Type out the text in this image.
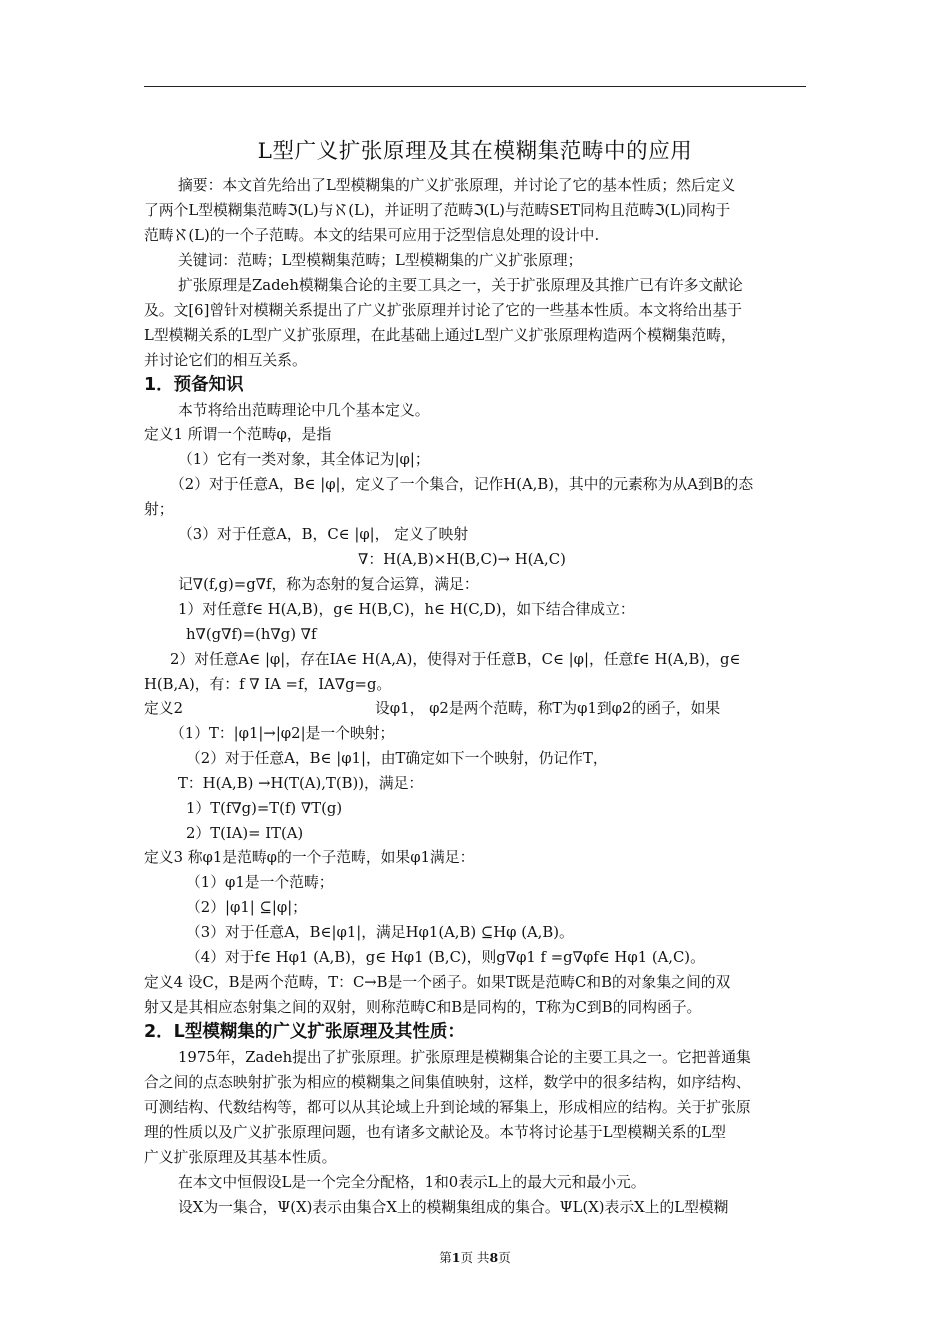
L型广义扩张原理及其在模糊集范畴中的应用
摘要：本文首先给出了L型模糊集的广义扩张原理，并讨论了它的基本性质；然后定义
了两个L型模糊集范畴ℑ(L)与ℵ(L)，并证明了范畴ℑ(L)与范畴SET同构且范畴ℑ(L)同构于
范畴ℵ(L)的一个子范畴。本文的结果可应用于泛型信息处理的设计中.
关键词：范畴；L型模糊集范畴；L型模糊集的广义扩张原理；
扩张原理是Zadeh模糊集合论的主要工具之一，关于扩张原理及其推广已有许多文献论
及。文[6]曾针对模糊关系提出了广义扩张原理并讨论了它的一些基本性质。本文将给出基于
L型模糊关系的L型广义扩张原理，在此基础上通过L型广义扩张原理构造两个模糊集范畴，
并讨论它们的相互关系。
1．预备知识
本节将给出范畴理论中几个基本定义。
定义1 所谓一个范畴φ，是指
（1）它有一类对象，其全体记为|φ|；
（2）对于任意A，B∈ |φ|，定义了一个集合，记作H(A,B)，其中的元素称为从A到B的态
射；
（3）对于任意A，B，C∈ |φ|， 定义了映射
∇：H(A,B)×H(B,C)→ H(A,C)
记∇(f,g)=g∇f，称为态射的复合运算，满足：
1）对任意f∈ H(A,B)，g∈ H(B,C)，h∈ H(C,D)，如下结合律成立：
h∇(g∇f)=(h∇g) ∇f
2）对任意A∈ |φ|，存在IA∈ H(A,A)，使得对于任意B，C∈ |φ|，任意f∈ H(A,B)，g∈
H(B,A)，有：f ∇ IA =f，IA∇g=g。
定义2	设φ1， φ2是两个范畴，称T为φ1到φ2的函子，如果
（1）T：|φ1|→|φ2|是一个映射；
（2）对于任意A，B∈ |φ1|，由T确定如下一个映射，仍记作T，
T：H(A,B) →H(T(A),T(B))，满足：
1）T(f∇g)=T(f) ∇T(g)
2）T(IA)= IT(A)
定义3 称φ1是范畴φ的一个子范畴，如果φ1满足：
（1）φ1是一个范畴；
（2）|φ1| ⊆|φ|；
（3）对于任意A，B∈|φ1|，满足Hφ1(A,B) ⊆Hφ (A,B)。
（4）对于f∈ Hφ1 (A,B)，g∈ Hφ1 (B,C)，则g∇φ1 f =g∇φf∈ Hφ1 (A,C)。
定义4 设C，B是两个范畴，T：C→B是一个函子。如果T既是范畴C和B的对象集之间的双
射又是其相应态射集之间的双射，则称范畴C和B是同构的，T称为C到B的同构函子。
2．L型模糊集的广义扩张原理及其性质：
1975年，Zadeh提出了扩张原理。扩张原理是模糊集合论的主要工具之一。它把普通集
合之间的点态映射扩张为相应的模糊集之间集值映射，这样，数学中的很多结构，如序结构、
可测结构、代数结构等，都可以从其论域上升到论域的幂集上，形成相应的结构。关于扩张原
理的性质以及广义扩张原理问题，也有诸多文献论及。本节将讨论基于L型模糊关系的L型
广义扩张原理及其基本性质。
在本文中恒假设L是一个完全分配格，1和0表示L上的最大元和最小元。
设X为一集合，Ψ(X)表示由集合X上的模糊集组成的集合。ΨL(X)表示X上的L型模糊
第1页 共8页
